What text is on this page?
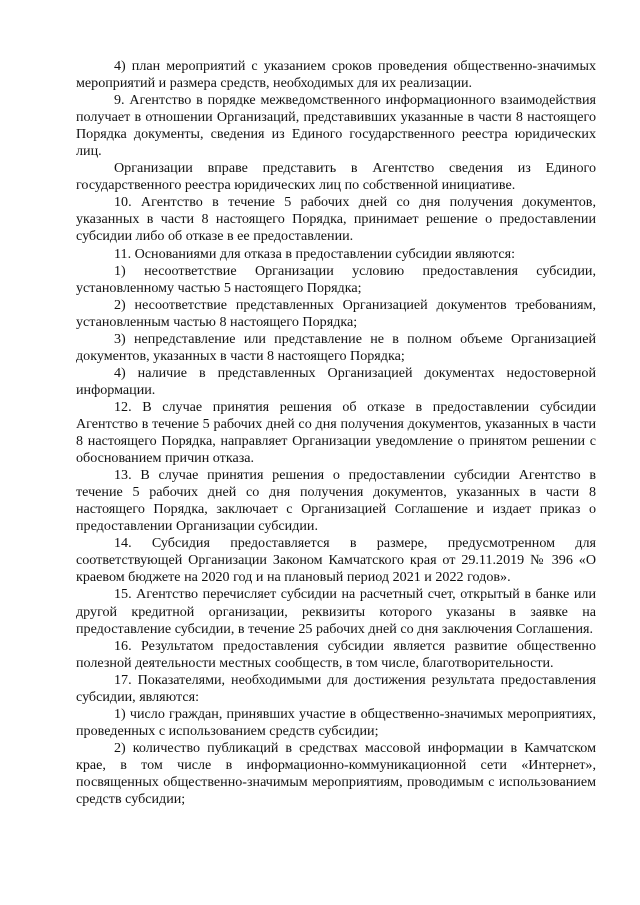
4) план мероприятий с указанием сроков проведения общественно-значимых мероприятий и размера средств, необходимых для их реализации.

9. Агентство в порядке межведомственного информационного взаимодействия получает в отношении Организаций, представивших указанные в части 8 настоящего Порядка документы, сведения из Единого государственного реестра юридических лиц.

Организации вправе представить в Агентство сведения из Единого государственного реестра юридических лиц по собственной инициативе.

10. Агентство в течение 5 рабочих дней со дня получения документов, указанных в части 8 настоящего Порядка, принимает решение о предоставлении субсидии либо об отказе в ее предоставлении.

11. Основаниями для отказа в предоставлении субсидии являются:

1) несоответствие Организации условию предоставления субсидии, установленному частью 5 настоящего Порядка;

2) несоответствие представленных Организацией документов требованиям, установленным частью 8 настоящего Порядка;

3) непредставление или представление не в полном объеме Организацией документов, указанных в части 8 настоящего Порядка;

4) наличие в представленных Организацией документах недостоверной информации.

12. В случае принятия решения об отказе в предоставлении субсидии Агентство в течение 5 рабочих дней со дня получения документов, указанных в части 8 настоящего Порядка, направляет Организации уведомление о принятом решении с обоснованием причин отказа.

13. В случае принятия решения о предоставлении субсидии Агентство в течение 5 рабочих дней со дня получения документов, указанных в части 8 настоящего Порядка, заключает с Организацией Соглашение и издает приказ о предоставлении Организации субсидии.

14. Субсидия предоставляется в размере, предусмотренном для соответствующей Организации Законом Камчатского края от 29.11.2019 № 396 «О краевом бюджете на 2020 год и на плановый период 2021 и 2022 годов».

15. Агентство перечисляет субсидии на расчетный счет, открытый в банке или другой кредитной организации, реквизиты которого указаны в заявке на предоставление субсидии, в течение 25 рабочих дней со дня заключения Соглашения.

16. Результатом предоставления субсидии является развитие общественно полезной деятельности местных сообществ, в том числе, благотворительности.

17. Показателями, необходимыми для достижения результата предоставления субсидии, являются:

1) число граждан, принявших участие в общественно-значимых мероприятиях, проведенных с использованием средств субсидии;

2) количество публикаций в средствах массовой информации в Камчатском крае, в том числе в информационно-коммуникационной сети «Интернет», посвященных общественно-значимым мероприятиям, проводимым с использованием средств субсидии;
